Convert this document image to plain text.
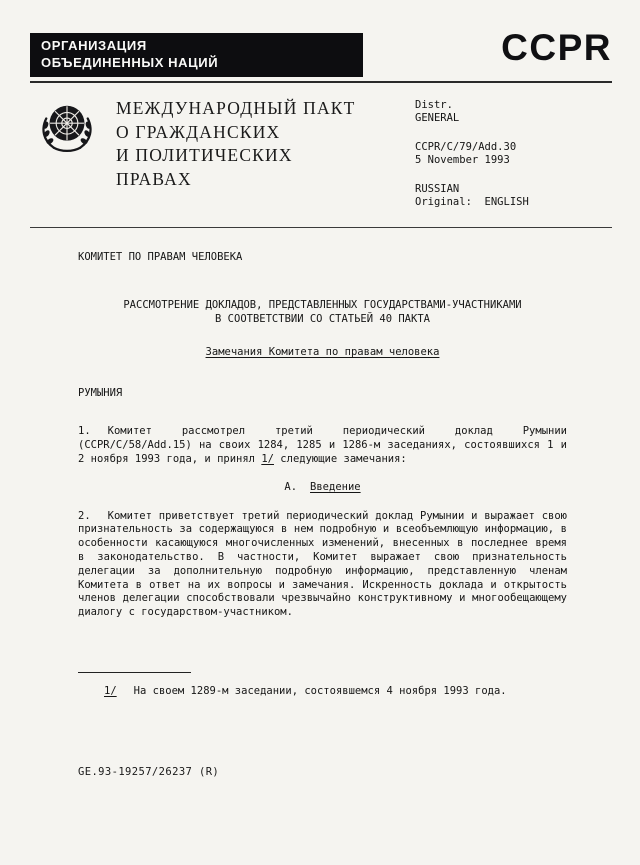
ОРГАНИЗАЦИЯ
ОБЪЕДИНЕННЫХ НАЦИЙ	CCPR
МЕЖДУНАРОДНЫЙ ПАКТ
О ГРАЖДАНСКИХ
И ПОЛИТИЧЕСКИХ
ПРАВАХ
Distr.
GENERAL
CCPR/C/79/Add.30
5 November 1993
RUSSIAN
Original:  ENGLISH
КОМИТЕТ ПО ПРАВАМ ЧЕЛОВЕКА
РАССМОТРЕНИЕ ДОКЛАДОВ, ПРЕДСТАВЛЕННЫХ ГОСУДАРСТВАМИ-УЧАСТНИКАМИ
В СООТВЕТСТВИИ СО СТАТЬЕЙ 40 ПАКТА
Замечания Комитета по правам человека
РУМЫНИЯ

1. Комитет рассмотрел третий периодический доклад Румынии (CCPR/C/58/Add.15) на своих 1284, 1285 и 1286-м заседаниях, состоявшихся 1 и 2 ноября 1993 года, и принял 1/ следующие замечания:

А. Введение

2. Комитет приветствует третий периодический доклад Румынии и выражает свою признательность за содержащуюся в нем подробную и всеобъемлющую информацию, в особенности касающуюся многочисленных изменений, внесенных в последнее время в законодательство. В частности, Комитет выражает свою признательность делегации за дополнительную подробную информацию, представленную членам Комитета в ответ на их вопросы и замечания. Искренность доклада и открытость членов делегации способствовали чрезвычайно конструктивному и многообещающему диалогу с государством-участником.

1/ На своем 1289-м заседании, состоявшемся 4 ноября 1993 года.
GE.93-19257/26237 (R)
